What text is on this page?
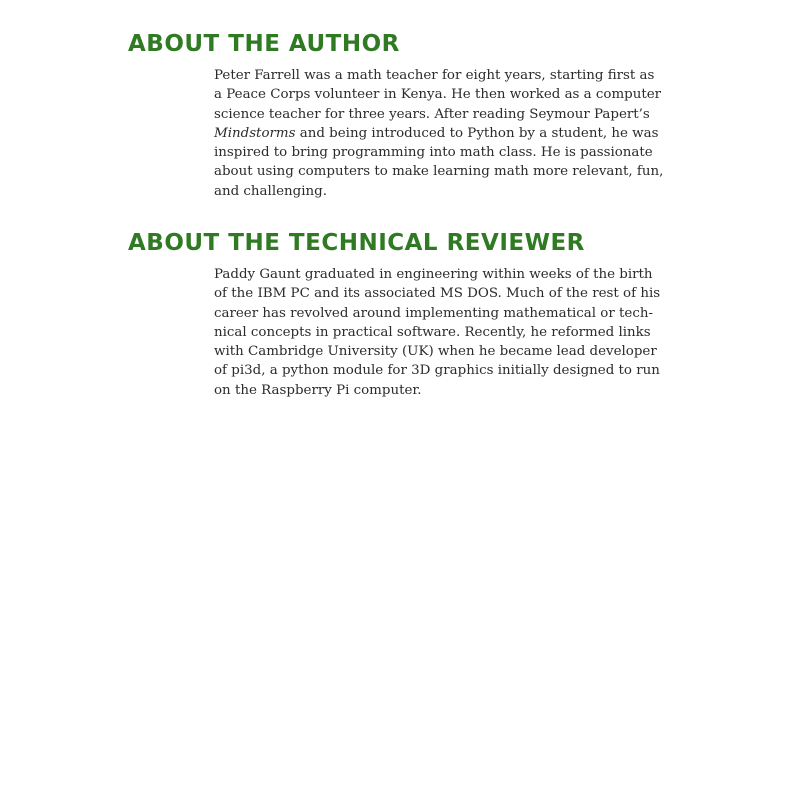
ABOUT THE AUTHOR

Peter Farrell was a math teacher for eight years, starting first as
a Peace Corps volunteer in Kenya. He then worked as a computer
science teacher for three years. After reading Seymour Papert’s
Mindstorms and being introduced to Python by a student, he was
inspired to bring programming into math class. He is passionate
about using computers to make learning math more relevant, fun,
and challenging.

ABOUT THE TECHNICAL REVIEWER

Paddy Gaunt graduated in engineering within weeks of the birth
of the IBM PC and its associated MS DOS. Much of the rest of his
career has revolved around implementing mathematical or tech-
nical concepts in practical software. Recently, he reformed links
with Cambridge University (UK) when he became lead developer
of pi3d, a python module for 3D graphics initially designed to run
on the Raspberry Pi computer.
